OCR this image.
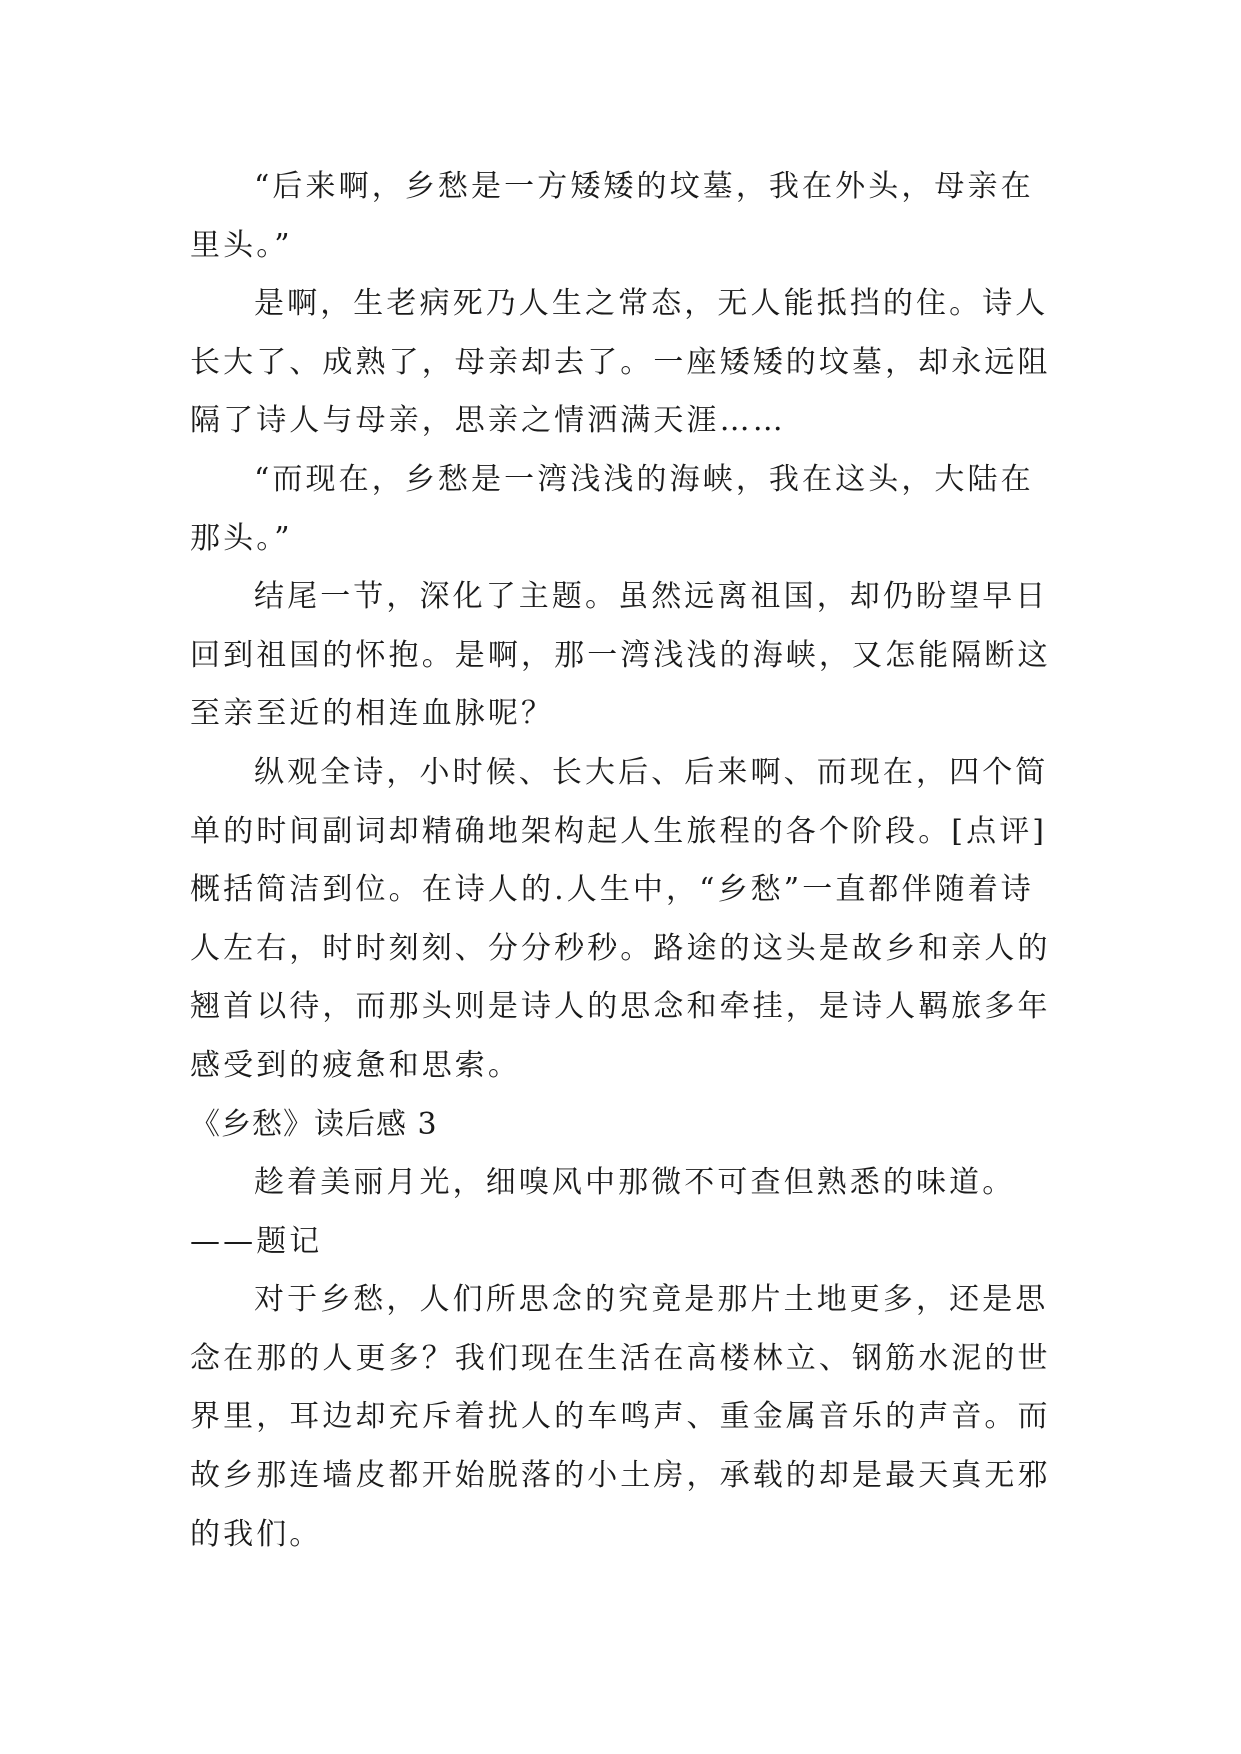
“后来啊，乡愁是一方矮矮的坟墓，我在外头，母亲在
里头。”
是啊，生老病死乃人生之常态，无人能抵挡的住。诗人
长大了、成熟了，母亲却去了。一座矮矮的坟墓，却永远阻
隔了诗人与母亲，思亲之情洒满天涯……
“而现在，乡愁是一湾浅浅的海峡，我在这头，大陆在
那头。”
结尾一节，深化了主题。虽然远离祖国，却仍盼望早日
回到祖国的怀抱。是啊，那一湾浅浅的海峡，又怎能隔断这
至亲至近的相连血脉呢？
纵观全诗，小时候、长大后、后来啊、而现在，四个简
单的时间副词却精确地架构起人生旅程的各个阶段。[点评]
概括简洁到位。在诗人的.人生中，“乡愁”一直都伴随着诗
人左右，时时刻刻、分分秒秒。路途的这头是故乡和亲人的
翘首以待，而那头则是诗人的思念和牵挂，是诗人羁旅多年
感受到的疲惫和思索。
《乡愁》读后感 3
趁着美丽月光，细嗅风中那微不可查但熟悉的味道。
——题记
对于乡愁，人们所思念的究竟是那片土地更多，还是思
念在那的人更多？我们现在生活在高楼林立、钢筋水泥的世
界里，耳边却充斥着扰人的车鸣声、重金属音乐的声音。而
故乡那连墙皮都开始脱落的小土房，承载的却是最天真无邪
的我们。
